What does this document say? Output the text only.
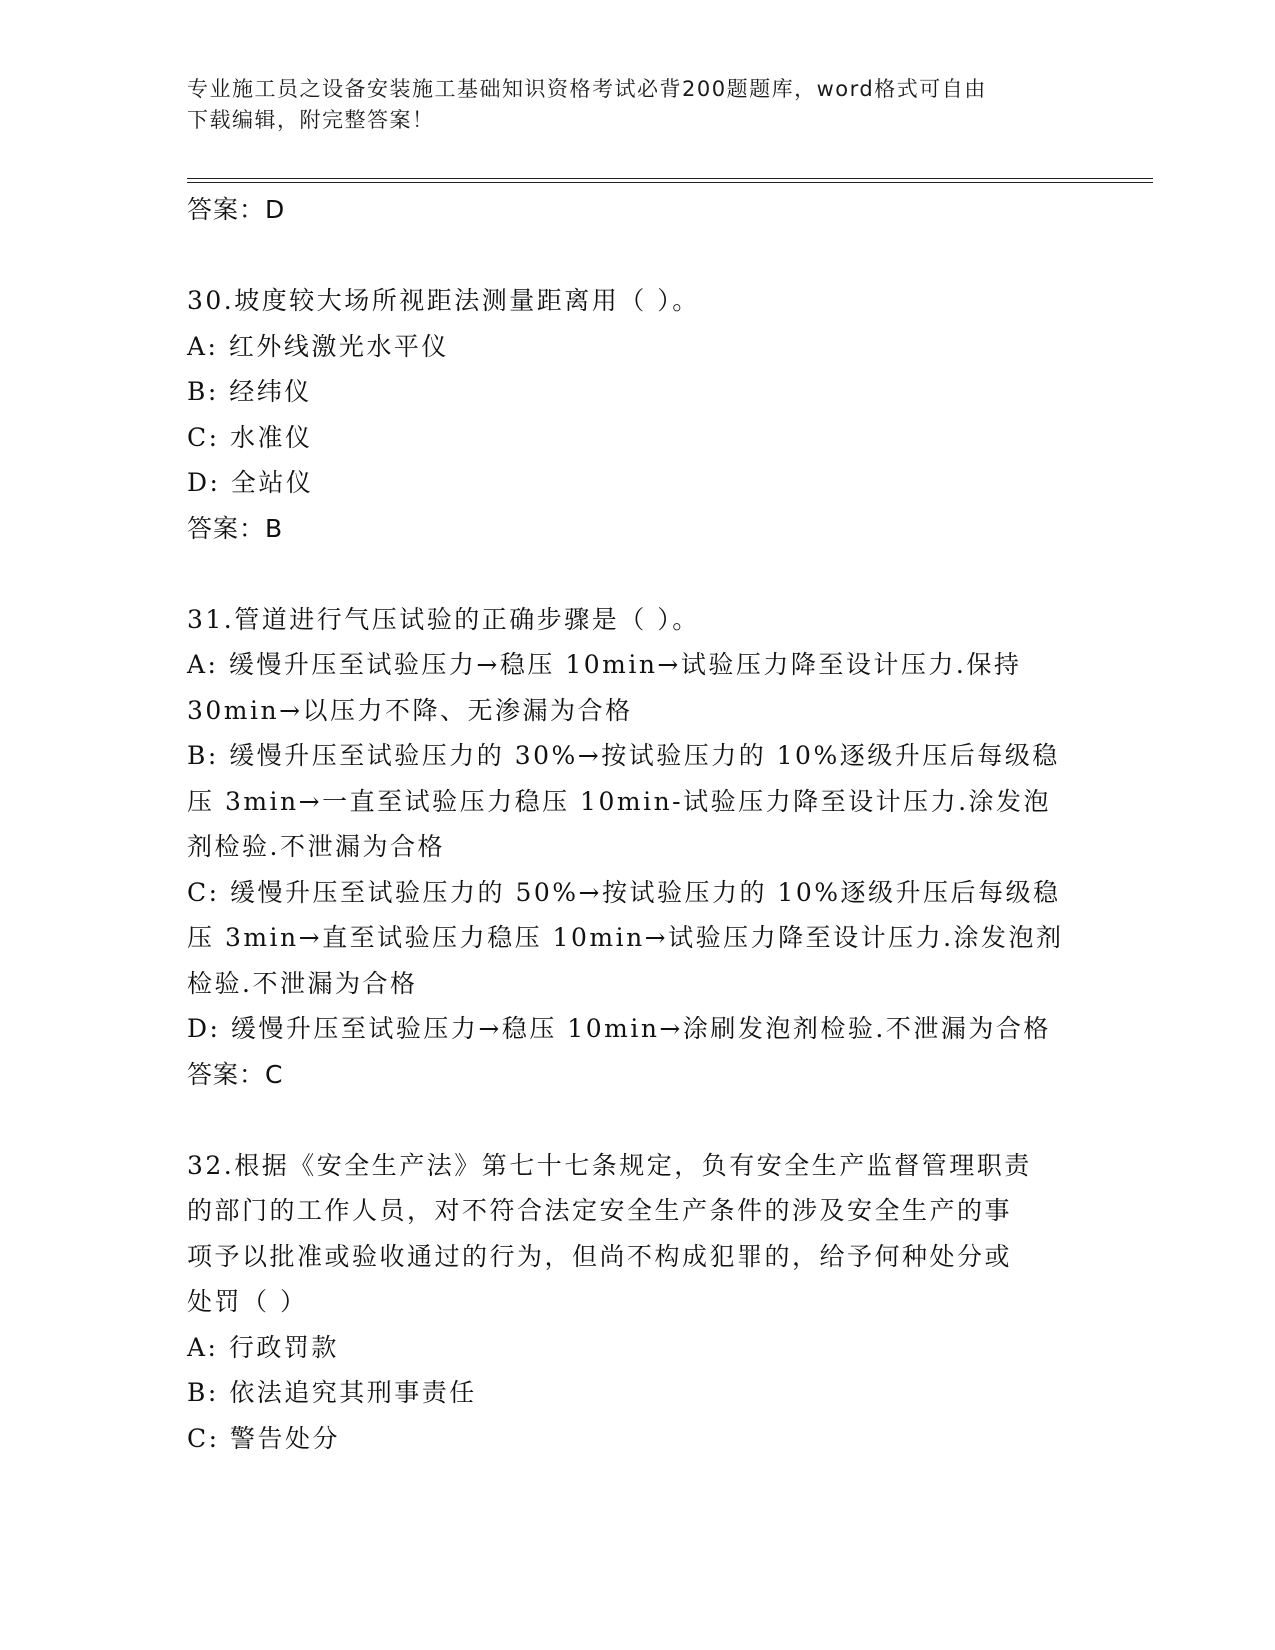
专业施工员之设备安装施工基础知识资格考试必背200题题库，word格式可自由
下载编辑，附完整答案！
答案：D
30.坡度较大场所视距法测量距离用（ ）。
A: 红外线激光水平仪
B: 经纬仪
C: 水准仪
D: 全站仪
答案：B
31.管道进行气压试验的正确步骤是（ ）。
A: 缓慢升压至试验压力→稳压 10min→试验压力降至设计压力.保持
30min→以压力不降、无渗漏为合格
B: 缓慢升压至试验压力的 30%→按试验压力的 10%逐级升压后每级稳
压 3min→一直至试验压力稳压 10min-试验压力降至设计压力.涂发泡
剂检验.不泄漏为合格
C: 缓慢升压至试验压力的 50%→按试验压力的 10%逐级升压后每级稳
压 3min→直至试验压力稳压 10min→试验压力降至设计压力.涂发泡剂
检验.不泄漏为合格
D: 缓慢升压至试验压力→稳压 10min→涂刷发泡剂检验.不泄漏为合格
答案：C
32.根据《安全生产法》第七十七条规定，负有安全生产监督管理职责
的部门的工作人员，对不符合法定安全生产条件的涉及安全生产的事
项予以批准或验收通过的行为，但尚不构成犯罪的，给予何种处分或
处罚（ ）
A: 行政罚款
B: 依法追究其刑事责任
C: 警告处分
